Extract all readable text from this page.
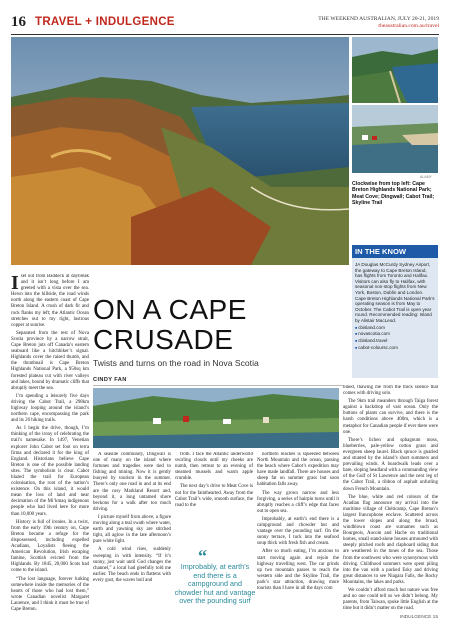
16 TRAVEL + INDULGENCE	THE WEEKEND AUSTRALIAN, JULY 20-21, 2019
theaustralian.com.au/travel
ALAMY
Clockwise from top left: Cape Breton Highlands National Park; Meat Cove; Dingwall; Cabot Trail; Skyline Trail
IN THE KNOW
JA Douglas McCurdy Sydney Airport, the gateway to Cape Breton Island, has flights from Toronto and Halifax. Visitors can also fly to Halifax, with seasonal non-stop flights from New York, Boston, Dublin and London. Cape Breton Highlands National Park’s operating season is from May to October. The Cabot Trail is open year round. Recommended reading: Island by Alistair MacLeod.
■ cbisland.com
■ novascotia.com
■ cbisland.travel
■ cabot-coloursc.com

Iset out from Baddeck at daybreak and it isn’t long before I am greeted with a vista over the sea. Hewn into the hillside, the road winds north along the eastern coast of Cape Breton Island. A crush of dark fir and rock flanks my left; the Atlantic Ocean stretches out to my right, lustrous copper at sunrise.

Separated from the rest of Nova Scotia province by a narrow strait, Cape Breton juts off Canada’s eastern seaboard like a hitchhiker’s signal. Highlands cover the raised thumb, and the thumbnail is Cape Breton Highlands National Park, a 950sq km forested plateau cut with river valleys and lakes, bound by dramatic cliffs that abruptly meet the sea.

I’m spending a leisurely five days driving the Cabot Trail, a 298km highway looping around the island’s northern cape, encompassing the park and its 26 hiking trails.

As I begin the drive, though, I’m thinking of the irony of celebrating the trail’s namesake. In 1497, Venetian explorer John Cabot set foot on terra firma and declared it for the king of England. Historians believe Cape Breton is one of the possible landing sites. The symbolism is clear. Cabot blazed the trail for European colonisation, the root of the nation’s existence. On this island, it would mean the loss of land and near decimation of the Mi’kmaq indigenous people who had lived here for more than 10,000 years.

History is full of ironies. In a twist, from the early 19th century on, Cape Breton became a refuge for the dispossessed, including expelled Acadians, Loyalists fleeing the American Revolution, Irish escaping famine, Scottish evicted from the Highlands. By 1845, 20,000 Scots had come to the island.

“The lost language, forever lurking somewhere inside the memories of the hearts of those who had lost them,” wrote Canadian novelist Margaret Laurence, and I think it must be true of Cape Breton.

ON A CAPE CRUSADE
Twists and turns on the road in Nova Scotia
CINDY FAN

A seaside community, Dingwall is one of many on the island where fortunes and tragedies were tied to fishing and mining. Now it is gently buoyed by tourism in the summer. There’s only one road in and at its end are the cosy Markland Resort and, beyond it, a long untamed shore beckons for a walk after too much driving.

I picture myself from above, a figure moving along a teal swath where water, earth and yawning sky are stitched tight, all aglow in the late afternoon’s pure white light.

A cold wind rises, suddenly sweeping in with intensity. “If it’s sunny, just wait until God changes the channel,” a local had gleefully told me earlier. The beach ends in flattens with every gust, the waves boil and

froth. I face the Atlantic underworld swirling clouds until my cheeks are numb, then retreat to an evening of steamed mussels and warm apple crumble.

The next day’s drive to Meat Cove is not for the fainthearted. Away from the Cabot Trail’s wide, smooth surface, the road to the

“
Improbably, at earth’s end there is a campground and chowder hut and vantage over the pounding surf

northern reaches is squeezed between North Mountain and the ocean, passing the beach where Cabot’s expedition may have made landfall. There are houses and sheep fat on summer grass but soon habitation falls away.

The way grows narrow and less forgiving, a series of hairpin turns until it abruptly reaches a cliff’s edge that faces out to open sea.

Improbably, at earth’s end there is a campground and chowder hut and vantage over the pounding surf. On the sunny terrace, I tuck into the seafood soup thick with fresh fish and cream.

After so much eating, I’m anxious to start moving again and rejoin the highway travelling west. The car grinds up two mountain passes to reach the western side and the Skyline Trail, the park’s star attraction, drawing more tourists than I have in all the days com

bined, thawing me from the thick silence that comes with driving solo.

The 9km trail meanders through Taiga forest against a backdrop of vast ocean. Only the buttons of plants can survive, and there is the harsh conditions above 400m, which is a metaphor for Canadian people if ever there were one.

There’s lichen and sphagnum moss, blueberries, pale-yellow cotton grass and evergreen sheep laurel. Black spruce is gnarled and stunted by the island’s short summers and prevailing winds. A boardwalk leads over a bare, sloping headland with a commanding view of the Gulf of St Lawrence and the next leg of the Cabot Trail, a ribbon of asphalt unfurling down French Mountain.

The blue, white and red colours of the Acadian flag announce my arrival into the maritime village of Chéticamp, Cape Breton’s largest francophone enclave. Scattered across the lower slopes and along the broad, windblown coast are surnames such as Bourgeois, Aucoin and Hache on traditional homes, small stand-alone houses armoured with steeply pitched roofs and clapboard siding that are weathered in the tones of the sea. Those from the southwest who were synonymous with driving. Childhood summers were spent piling into the van with a packed Esky and driving great distances to see Niagara Falls, the Rocky Mountains, the lakes and parks.

We couldn’t afford much but nature was free and no one could tell us we didn’t belong. My parents, from Taiwan, spoke little English at the time but it didn’t matter on the road.

INDULGENCE 15
